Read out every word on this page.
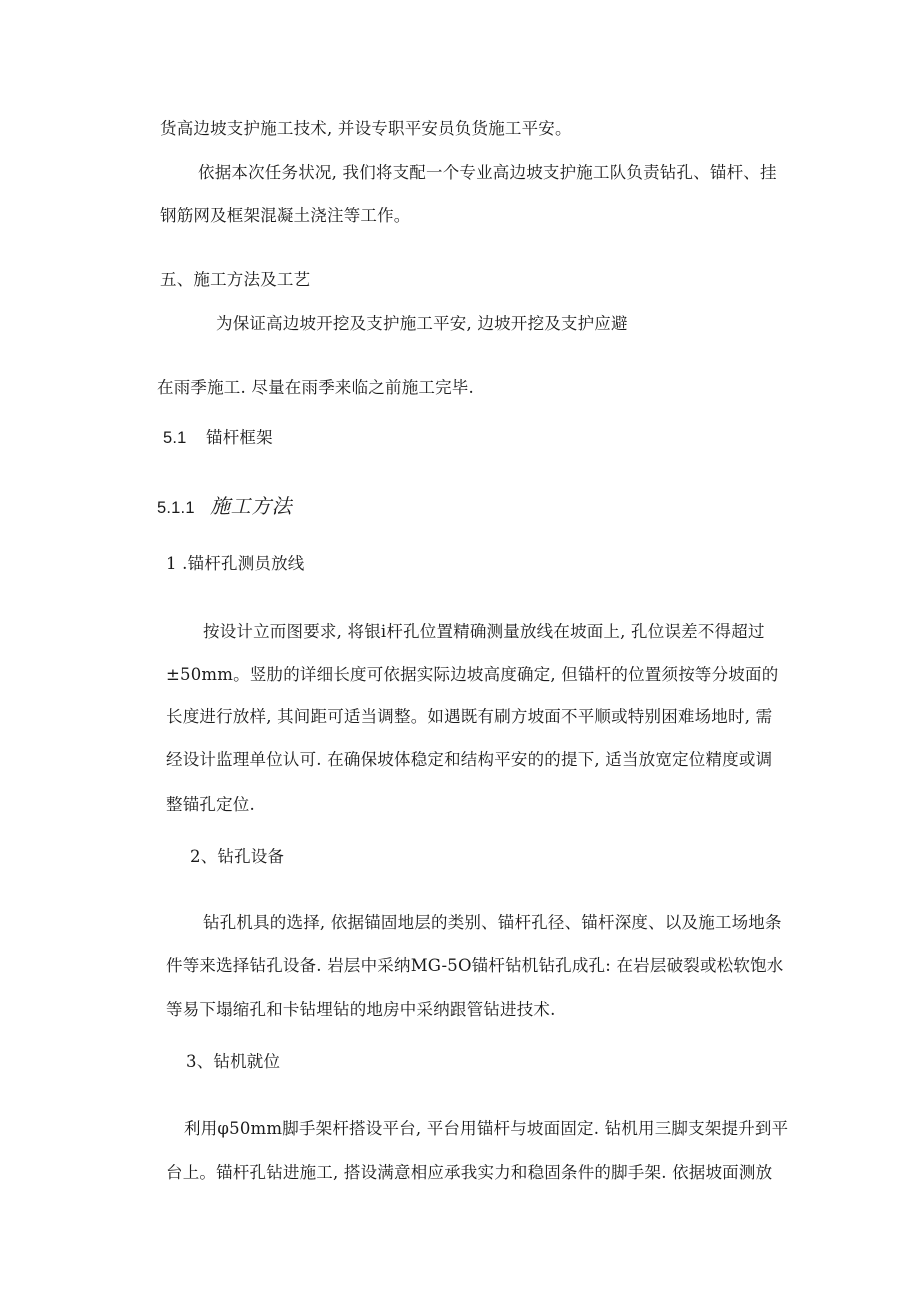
货高边坡支护施工技术, 并设专职平安员负货施工平安。
依据本次任务状况, 我们将支配一个专业高边坡支护施工队负责钻孔、锚杆、挂
钢筋网及框架混凝土浇注等工作。
五、施工方法及工艺
为保证高边坡开挖及支护施工平安, 边坡开挖及支护应避
在雨季施工. 尽量在雨季来临之前施工完毕.
5.1 锚杆框架
5.1.1 施工方法
1 .锚杆孔测员放线
按设计立而图要求, 将银i杆孔位置精确测量放线在坡面上, 孔位误差不得超过
±50mm。竖肋的详细长度可依据实际边坡高度确定, 但锚杆的位置须按等分坡面的
长度进行放样, 其间距可适当调整。如遇既有刷方坡面不平顺或特别困难场地时, 需
经设计监理单位认可. 在确保坡体稳定和结构平安的的提下, 适当放宽定位精度或调
整锚孔定位.
2、钻孔设备
钻孔机具的选择, 依据锚固地层的类别、锚杆孔径、锚杆深度、以及施工场地条
件等来选择钻孔设备. 岩层中采纳MG-5O锚杆钻机钻孔成孔: 在岩层破裂或松软饱水
等易下塌缩孔和卡钻埋钻的地房中采纳跟管钻进技术.
3、钻机就位
利用φ50mm脚手架杆搭设平台, 平台用锚杆与坡面固定. 钻机用三脚支架提升到平
台上。锚杆孔钻进施工, 搭设满意相应承我实力和稳固条件的脚手架. 依据坡面测放
